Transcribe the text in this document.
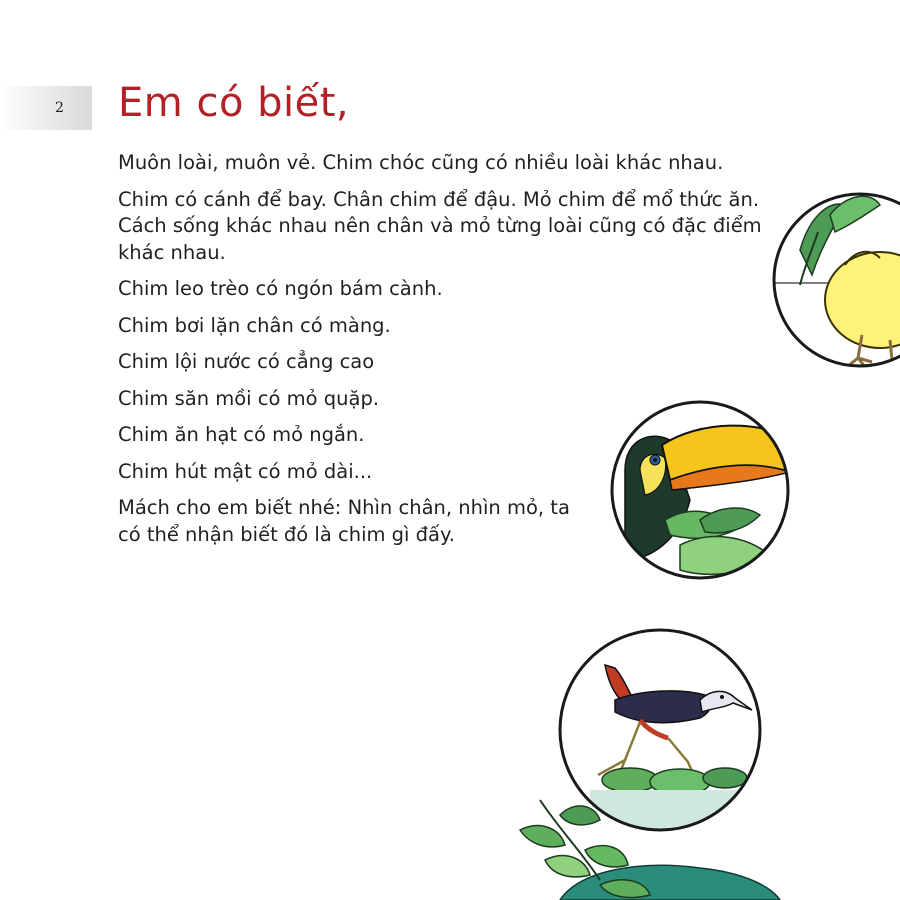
2 Em có biết,

Muôn loài, muôn vẻ. Chim chóc cũng có nhiều loài khác nhau.

Chim có cánh để bay. Chân chim để đậu. Mỏ chim để mổ thức ăn. Cách sống khác nhau nên chân và mỏ từng loài cũng có đặc điểm khác nhau.

Chim leo trèo có ngón bám cành.

Chim bơi lặn chân có màng.

Chim lội nước có cẳng cao

Chim săn mồi có mỏ quặp.

Chim ăn hạt có mỏ ngắn.

Chim hút mật có mỏ dài...

Mách cho em biết nhé: Nhìn chân, nhìn mỏ, ta có thể nhận biết đó là chim gì đấy.
